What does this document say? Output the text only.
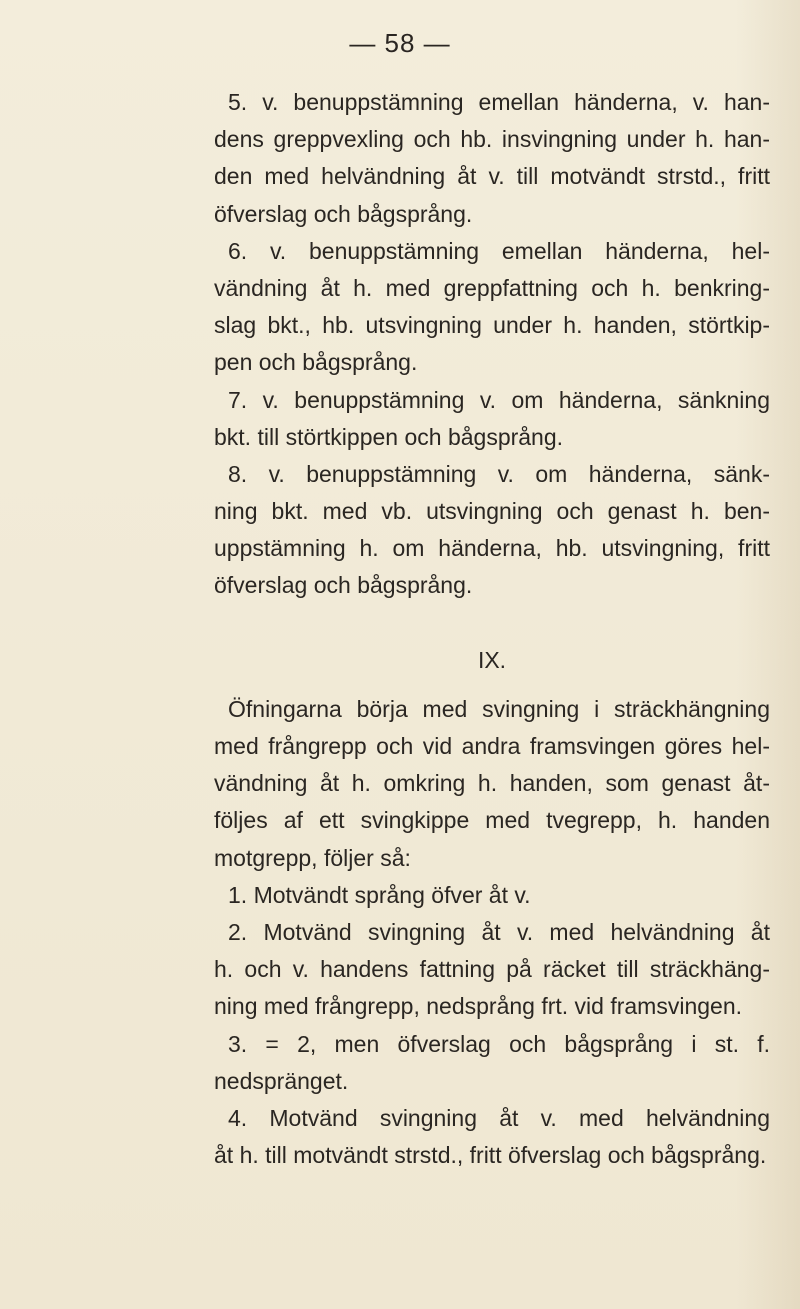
— 58 —
5. v. benuppstämning emellan händerna, v. han-
dens greppvexling och hb. insvingning under h. han-
den med helvändning åt v. till motvändt strstd., fritt
öfverslag och bågsprång.
6. v. benuppstämning emellan händerna, hel-
vändning åt h. med greppfattning och h. benkring-
slag bkt., hb. utsvingning under h. handen, störtkip-
pen och bågsprång.
7. v. benuppstämning v. om händerna, sänkning
bkt. till störtkippen och bågsprång.
8. v. benuppstämning v. om händerna, sänk-
ning bkt. med vb. utsvingning och genast h. ben-
uppstämning h. om händerna, hb. utsvingning, fritt
öfverslag och bågsprång.
IX.
Öfningarna börja med svingning i sträckhängning
med frångrepp och vid andra framsvingen göres hel-
vändning åt h. omkring h. handen, som genast åt-
följes af ett svingkippe med tvegrepp, h. handen
motgrepp, följer så:
1. Motvändt språng öfver åt v.
2. Motvänd svingning åt v. med helvändning åt
h. och v. handens fattning på räcket till sträckhäng-
ning med frångrepp, nedsprång frt. vid framsvingen.
3. = 2, men öfverslag och bågsprång i st. f.
nedspränget.
4. Motvänd svingning åt v. med helvändning
åt h. till motvändt strstd., fritt öfverslag och bågsprång.
